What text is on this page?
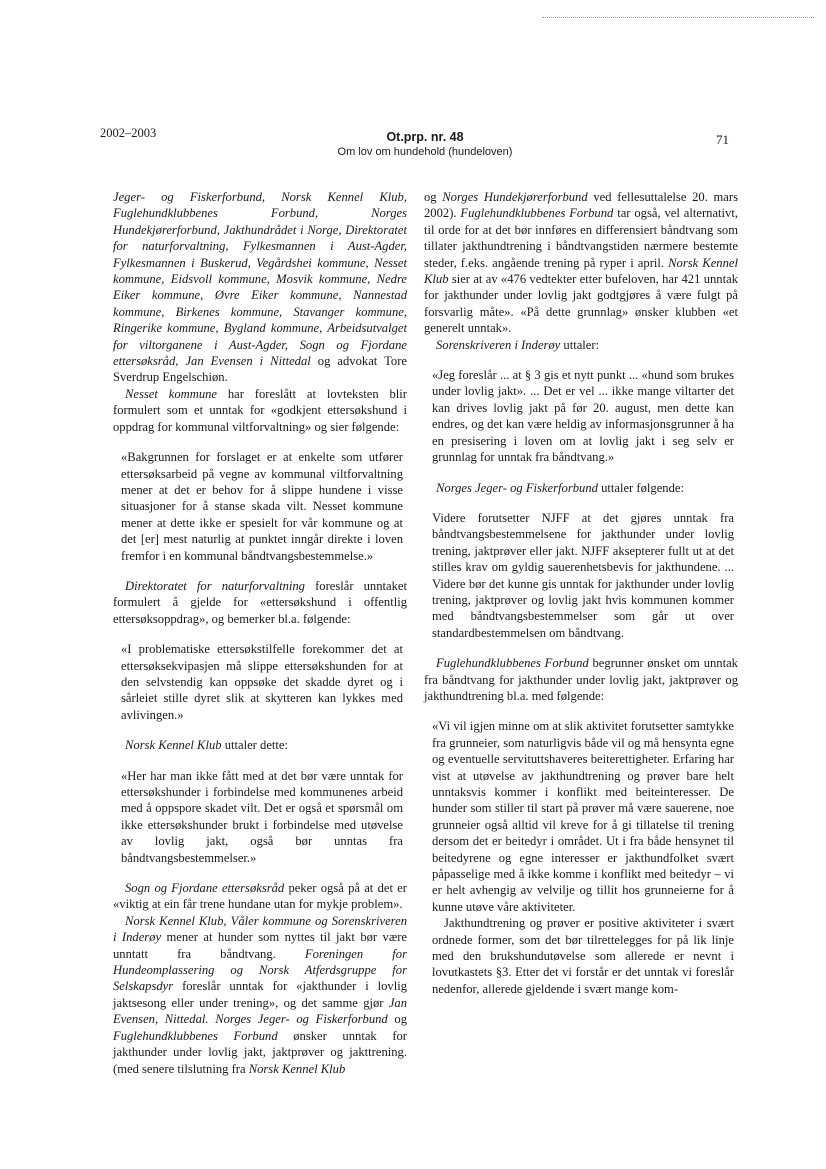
2002–2003	Ot.prp. nr. 48
Om lov om hundehold (hundeloven)
71

Jeger- og Fiskerforbund, Norsk Kennel Klub, Fuglehundklubbenes Forbund, Norges Hundekjørerforbund, Jakthundrådet i Norge, Direktoratet for naturforvaltning, Fylkesmannen i Aust-Agder, Fylkesmannen i Buskerud, Vegårdshei kommune, Nesset kommune, Eidsvoll kommune, Mosvik kommune, Nedre Eiker kommune, Øvre Eiker kommune, Nannestad kommune, Birkenes kommune, Stavanger kommune, Ringerike kommune, Bygland kommune, Arbeidsutvalget for viltorganene i Aust-Agder, Sogn og Fjordane ettersøksråd, Jan Evensen i Nittedal og advokat Tore Sverdrup Engelschiøn.

Nesset kommune har foreslått at lovteksten blir formulert som et unntak for «godkjent ettersøkshund i oppdrag for kommunal viltforvaltning» og sier følgende:

«Bakgrunnen for forslaget er at enkelte som utfører ettersøksarbeid på vegne av kommunal viltforvaltning mener at det er behov for å slippe hundene i visse situasjoner for å stanse skada vilt. Nesset kommune mener at dette ikke er spesielt for vår kommune og at det [er] mest naturlig at punktet inngår direkte i loven fremfor i en kommunal båndtvangsbestemmelse.»

Direktoratet for naturforvaltning foreslår unntaket formulert å gjelde for «ettersøkshund i offentlig ettersøksoppdrag», og bemerker bl.a. følgende:

«I problematiske ettersøkstilfelle forekommer det at ettersøksekvipasjen må slippe ettersøkshunden for at den selvstendig kan oppsøke det skadde dyret og i sårleiet stille dyret slik at skytteren kan lykkes med avlivingen.»

Norsk Kennel Klub uttaler dette:

«Her har man ikke fått med at det bør være unntak for ettersøkshunder i forbindelse med kommunenes arbeid med å oppspore skadet vilt. Det er også et spørsmål om ikke ettersøkshunder brukt i forbindelse med utøvelse av lovlig jakt, også bør unntas fra båndtvangsbestemmelser.»

Sogn og Fjordane ettersøksråd peker også på at det er «viktig at ein får trene hundane utan for mykje problem».

Norsk Kennel Klub, Våler kommune og Sorenskriveren i Inderøy mener at hunder som nyttes til jakt bør være unntatt fra båndtvang. Foreningen for Hundeomplassering og Norsk Atferdsgruppe for Selskapsdyr foreslår unntak for «jakthunder i lovlig jaktsesong eller under trening», og det samme gjør Jan Evensen, Nittedal. Norges Jeger- og Fiskerforbund og Fuglehundklubbenes Forbund ønsker unntak for jakthunder under lovlig jakt, jaktprøver og jakttrening. (med senere tilslutning fra Norsk Kennel Klub

og Norges Hundekjørerforbund ved fellesuttalelse 20. mars 2002). Fuglehundklubbenes Forbund tar også, vel alternativt, til orde for at det bør innføres en differensiert båndtvang som tillater jakthundtrening i båndtvangstiden nærmere bestemte steder, f.eks. angående trening på ryper i april. Norsk Kennel Klub sier at av «476 vedtekter etter bufeloven, har 421 unntak for jakthunder under lovlig jakt godtgjøres å være fulgt på forsvarlig måte». «På dette grunnlag» ønsker klubben «et generelt unntak».

Sorenskriveren i Inderøy uttaler:

«Jeg foreslår ... at § 3 gis et nytt punkt ... «hund som brukes under lovlig jakt». ... Det er vel ... ikke mange viltarter det kan drives lovlig jakt på før 20. august, men dette kan endres, og det kan være heldig av informasjonsgrunner å ha en presisering i loven om at lovlig jakt i seg selv er grunnlag for unntak fra båndtvang.»

Norges Jeger- og Fiskerforbund uttaler følgende:

Videre forutsetter NJFF at det gjøres unntak fra båndtvangsbestemmelsene for jakthunder under lovlig trening, jaktprøver eller jakt. NJFF aksepterer fullt ut at det stilles krav om gyldig sauerenhetsbevis for jakthundene. ... Videre bør det kunne gis unntak for jakthunder under lovlig trening, jaktprøver og lovlig jakt hvis kommunen kommer med båndtvangsbestemmelser som går ut over standardbestemmelsen om båndtvang.

Fuglehundklubbenes Forbund begrunner ønsket om unntak fra båndtvang for jakthunder under lovlig jakt, jaktprøver og jakthundtrening bl.a. med følgende:

«Vi vil igjen minne om at slik aktivitet forutsetter samtykke fra grunneier, som naturligvis både vil og må hensynta egne og eventuelle servituttshaveres beiterettigheter. Erfaring har vist at utøvelse av jakthundtrening og prøver bare helt unntaksvis kommer i konflikt med beiteinteresser. De hunder som stiller til start på prøver må være sauerene, noe grunneier også alltid vil kreve for å gi tillatelse til trening dersom det er beitedyr i området. Ut i fra både hensynet til beitedyrene og egne interesser er jakthundfolket svært påpasselige med å ikke komme i konflikt med beitedyr – vi er helt avhengig av velvilje og tillit hos grunneierne for å kunne utøve våre aktiviteter.

Jakthundtrening og prøver er positive aktiviteter i svært ordnede former, som det bør tilrettelegges for på lik linje med den brukshundutøvelse som allerede er nevnt i lovutkastets §3. Etter det vi forstår er det unntak vi foreslår nedenfor, allerede gjeldende i svært mange kom-
